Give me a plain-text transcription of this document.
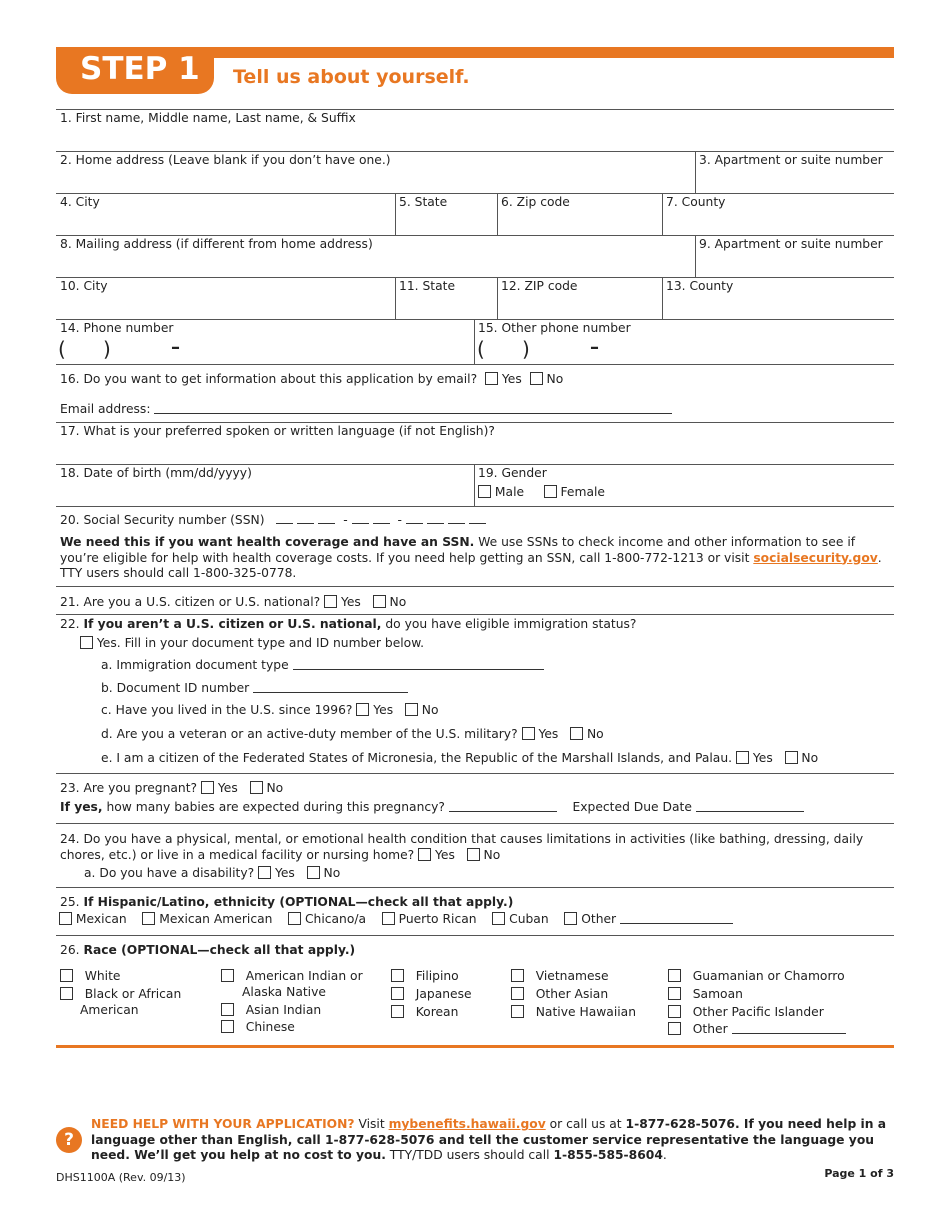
STEP 1 Tell us about yourself.
1. First name, Middle name, Last name, & Suffix
2. Home address (Leave blank if you don’t have one.)	3. Apartment or suite number
4. City	5. State	6. Zip code	7. County
8. Mailing address (if different from home address)	9. Apartment or suite number
10. City	11. State	12. ZIP code	13. County
14. Phone number	15. Other phone number
( )	–	( )	–
16. Do you want to get information about this application by email? Yes No
Email address:
17. What is your preferred spoken or written language (if not English)?
18. Date of birth (mm/dd/yyyy)	19. Gender
Male	Female
20. Social Security number (SSN)	-	-
We need this if you want health coverage and have an SSN. We use SSNs to check income and other information to see if you’re eligible for help with health coverage costs. If you need help getting an SSN, call 1-800-772-1213 or visit socialsecurity.gov. TTY users should call 1-800-325-0778.
21. Are you a U.S. citizen or U.S. national? Yes No
22. If you aren’t a U.S. citizen or U.S. national, do you have eligible immigration status?
Yes. Fill in your document type and ID number below.
a. Immigration document type
b. Document ID number
c. Have you lived in the U.S. since 1996? Yes No
d. Are you a veteran or an active-duty member of the U.S. military? Yes No
e. I am a citizen of the Federated States of Micronesia, the Republic of the Marshall Islands, and Palau. Yes No
23. Are you pregnant? Yes No
If yes, how many babies are expected during this pregnancy?	Expected Due Date
24. Do you have a physical, mental, or emotional health condition that causes limitations in activities (like bathing, dressing, daily chores, etc.) or live in a medical facility or nursing home? Yes No
a. Do you have a disability? Yes No
25. If Hispanic/Latino, ethnicity (OPTIONAL—check all that apply.)
Mexican	Mexican American	Chicano/a	Puerto Rican	Cuban	Other
26. Race (OPTIONAL—check all that apply.)
White
Black or African
American
American Indian or
Alaska Native
Asian Indian
Chinese
Filipino
Japanese
Korean
Vietnamese
Other Asian
Native Hawaiian
Guamanian or Chamorro
Samoan
Other Pacific Islander
Other
?
NEED HELP WITH YOUR APPLICATION? Visit mybenefits.hawaii.gov or call us at 1-877-628-5076. If you need help in a language other than English, call 1-877-628-5076 and tell the customer service representative the language you need. We’ll get you help at no cost to you. TTY/TDD users should call 1-855-585-8604.
DHS1100A (Rev. 09/13)	Page 1 of 3
